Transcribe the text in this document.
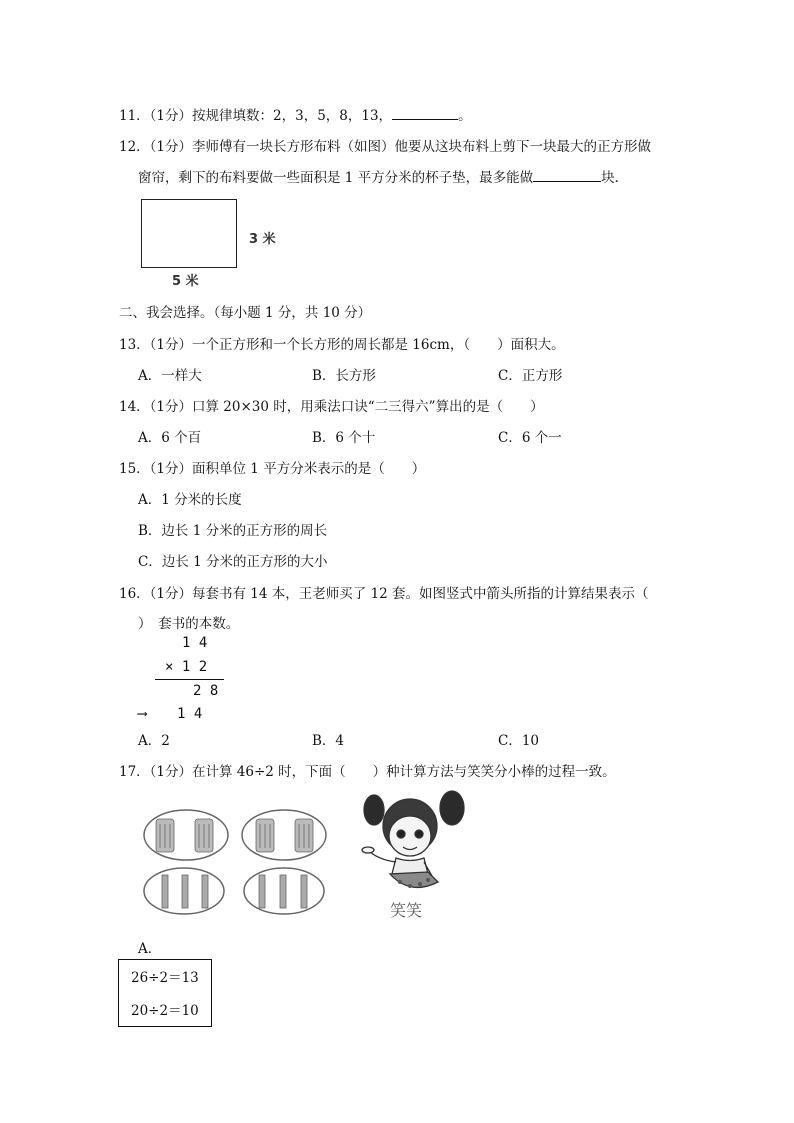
11．（1分）按规律填数：2，3，5，8，13，	。
12．（1分）李师傅有一块长方形布料（如图）他要从这块布料上剪下一块最大的正方形做
窗帘，剩下的布料要做一些面积是 1 平方分米的杯子垫，最多能做	块．
3 米
5 米
二、我会选择。（每小题 1 分，共 10 分）
13．（1分）一个正方形和一个长方形的周长都是 16cm，（　　）面积大。
A．一样大	B．长方形	C．正方形
14．（1分）口算 20×30 时，用乘法口诀“二三得六”算出的是（　　）
A．6 个百	B．6 个十	C．6 个一
15．（1分）面积单位 1 平方分米表示的是（　　）
A．1 分米的长度
B．边长 1 分米的正方形的周长
C．边长 1 分米的正方形的大小
16．（1分）每套书有 14 本，王老师买了 12 套。如图竖式中箭头所指的计算结果表示（
）　套书的本数。
1 4
× 1 2
2 8
⟶ 1 4
A．2	B．4	C．10
17．（1分）在计算 46÷2 时，下面（　　）种计算方法与笑笑分小棒的过程一致。
笑笑
A．
26÷2＝13
20÷2＝10
